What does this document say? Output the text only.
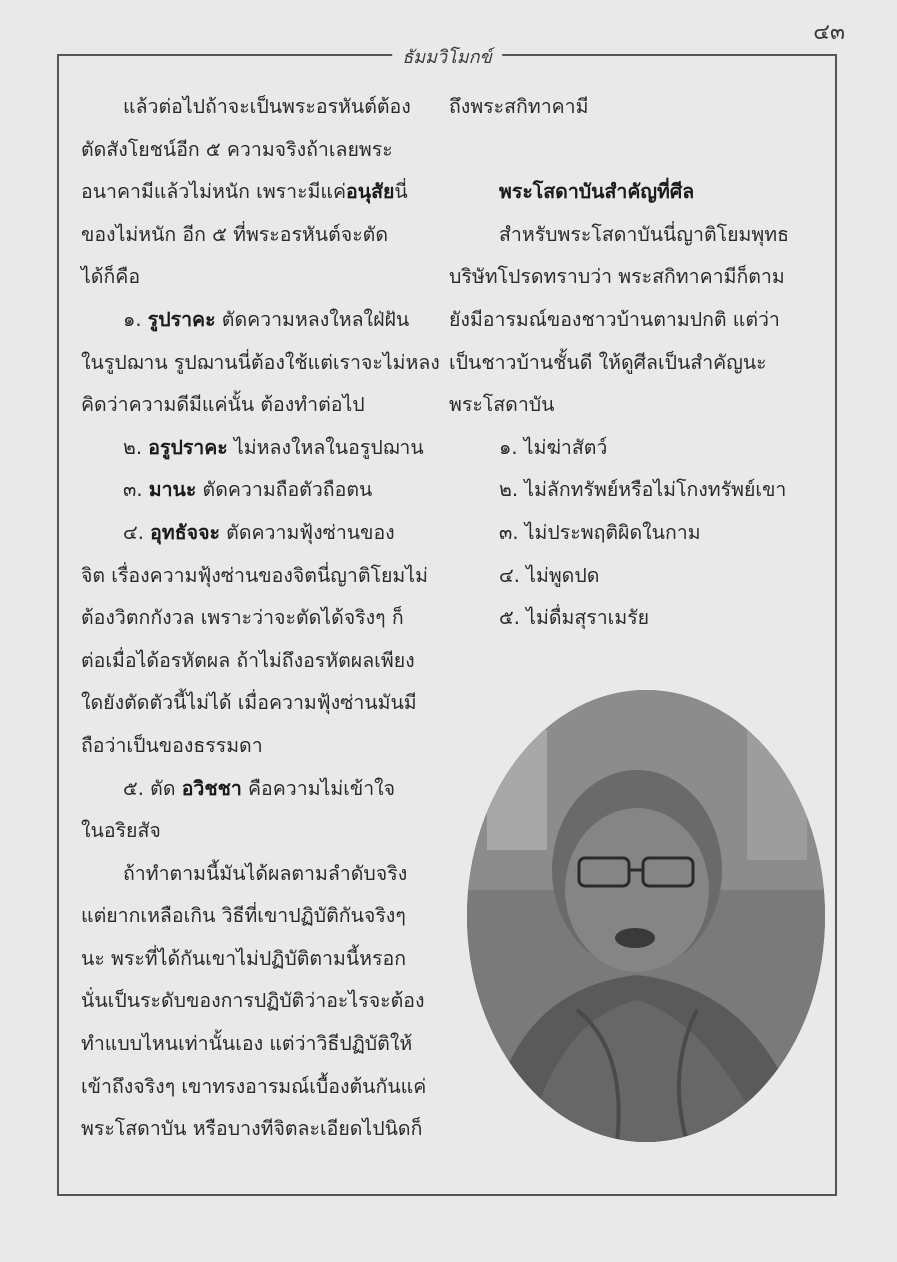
๔๓
ธัมมวิโมกข์
แล้วต่อไปถ้าจะเป็นพระอรหันต์ต้อง
ตัดสังโยชน์อีก ๕ ความจริงถ้าเลยพระ
อนาคามีแล้วไม่หนัก เพราะมีแค่อนุสัยนี่
ของไม่หนัก อีก ๕ ที่พระอรหันต์จะตัด
ได้ก็คือ
๑. รูปราคะ ตัดความหลงใหลใฝ่ฝัน
ในรูปฌาน รูปฌานนี่ต้องใช้แต่เราจะไม่หลง
คิดว่าความดีมีแค่นั้น ต้องทำต่อไป
๒. อรูปราคะ ไม่หลงใหลในอรูปฌาน
๓. มานะ ตัดความถือตัวถือตน
๔. อุทธัจจะ ตัดความฟุ้งซ่านของ
จิต เรื่องความฟุ้งซ่านของจิตนี่ญาติโยมไม่
ต้องวิตกกังวล เพราะว่าจะตัดได้จริงๆ ก็
ต่อเมื่อได้อรหัตผล ถ้าไม่ถึงอรหัตผลเพียง
ใดยังตัดตัวนี้ไม่ได้ เมื่อความฟุ้งซ่านมันมี
ถือว่าเป็นของธรรมดา
๕. ตัด อวิชชา คือความไม่เข้าใจ
ในอริยสัจ
ถ้าทำตามนี้มันได้ผลตามลำดับจริง
แต่ยากเหลือเกิน วิธีที่เขาปฏิบัติกันจริงๆ
นะ พระที่ได้กันเขาไม่ปฏิบัติตามนี้หรอก
นั่นเป็นระดับของการปฏิบัติว่าอะไรจะต้อง
ทำแบบไหนเท่านั้นเอง แต่ว่าวิธีปฏิบัติให้
เข้าถึงจริงๆ เขาทรงอารมณ์เบื้องต้นกันแค่
พระโสดาบัน หรือบางทีจิตละเอียดไปนิดก็
ถึงพระสกิทาคามี
พระโสดาบันสำคัญที่ศีล
สำหรับพระโสดาบันนี่ญาติโยมพุทธ
บริษัทโปรดทราบว่า พระสกิทาคามีก็ตาม
ยังมีอารมณ์ของชาวบ้านตามปกติ แต่ว่า
เป็นชาวบ้านชั้นดี ให้ดูศีลเป็นสำคัญนะ
พระโสดาบัน
๑. ไม่ฆ่าสัตว์
๒. ไม่ลักทรัพย์หรือไม่โกงทรัพย์เขา
๓. ไม่ประพฤติผิดในกาม
๔. ไม่พูดปด
๕. ไม่ดื่มสุราเมรัย
